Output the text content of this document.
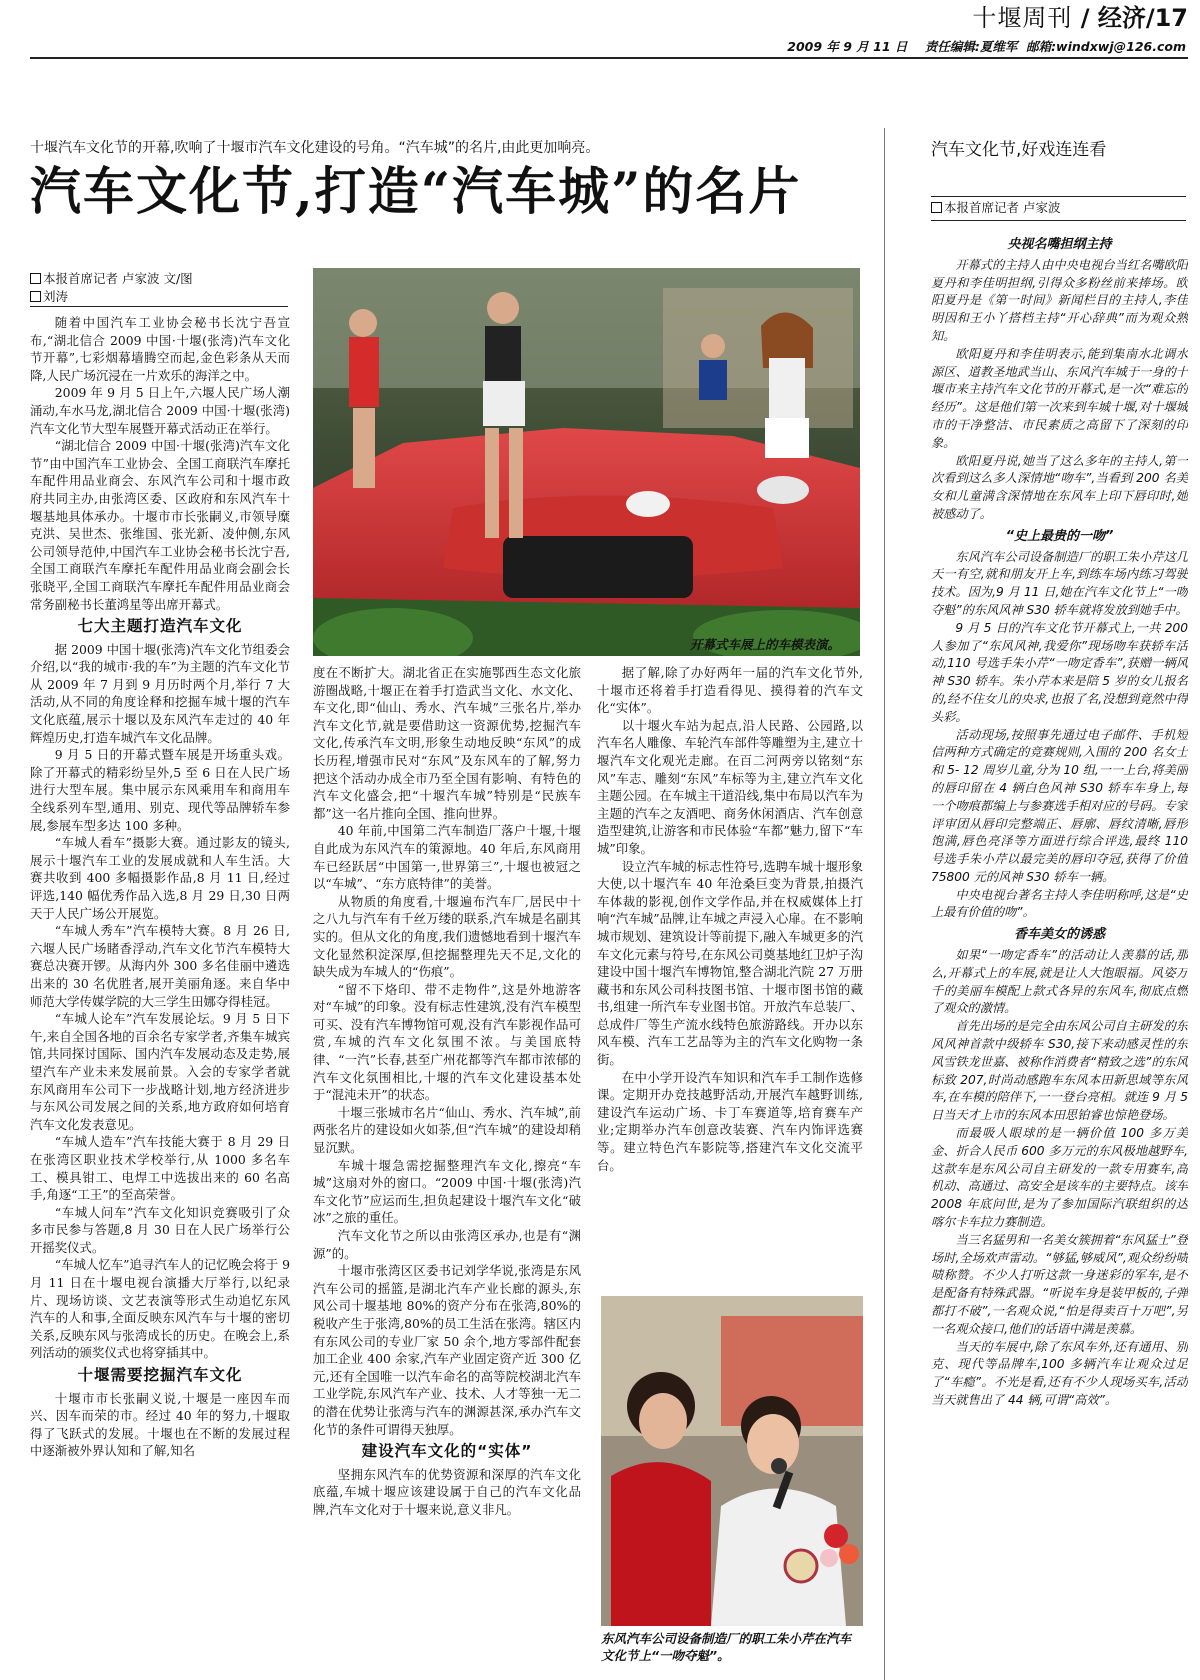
十堰周刊 / 经济/17
2009 年 9 月 11 日 责任编辑:夏维军 邮箱:windxwj@126.com
十堰汽车文化节的开幕,吹响了十堰市汽车文化建设的号角。“汽车城”的名片,由此更加响亮。
汽车文化节,打造“汽车城”的名片
本报首席记者 卢家波 文/图
刘涛

随着中国汽车工业协会秘书长沈宁吾宣布,“湖北信合 2009 中国·十堰(张湾)汽车文化节开幕”,七彩烟幕墙腾空而起,金色彩条从天而降,人民广场沉浸在一片欢乐的海洋之中。

2009 年 9 月 5 日上午,六堰人民广场人潮涌动,车水马龙,湖北信合 2009 中国·十堰(张湾)汽车文化节大型车展暨开幕式活动正在举行。

“湖北信合 2009 中国·十堰(张湾)汽车文化节”由中国汽车工业协会、全国工商联汽车摩托车配件用品业商会、东风汽车公司和十堰市政府共同主办,由张湾区委、区政府和东风汽车十堰基地具体承办。十堰市市长张嗣义,市领导糜克洪、吴世杰、张维国、张光新、凌仲侧,东风公司领导范仲,中国汽车工业协会秘书长沈宁吾,全国工商联汽车摩托车配件用品业商会副会长张晓平,全国工商联汽车摩托车配件用品业商会常务副秘书长董鸿星等出席开幕式。

七大主题打造汽车文化

据 2009 中国十堰(张湾)汽车文化节组委会介绍,以“我的城市·我的车”为主题的汽车文化节从 2009 年 7 月到 9 月历时两个月,举行 7 大活动,从不同的角度诠释和挖掘车城十堰的汽车文化底蕴,展示十堰以及东风汽车走过的 40 年辉煌历史,打造车城汽车文化品牌。

9 月 5 日的开幕式暨车展是开场重头戏。除了开幕式的精彩纷呈外,5 至 6 日在人民广场进行大型车展。集中展示东风乘用车和商用车全线系列车型,通用、别克、现代等品牌轿车参展,参展车型多达 100 多种。

“车城人看车”摄影大赛。通过影友的镜头,展示十堰汽车工业的发展成就和人车生活。大赛共收到 400 多幅摄影作品,8 月 11 日,经过评选,140 幅优秀作品入选,8 月 29 日,30 日两天于人民广场公开展览。

“车城人秀车”汽车模特大赛。8 月 26 日,六堰人民广场睹香浮动,汽车文化节汽车模特大赛总决赛开锣。从海内外 300 多名佳丽中遴选出来的 30 名优胜者,展开美丽角逐。来自华中师范大学传媒学院的大三学生田娜夺得桂冠。

“车城人论车”汽车发展论坛。9 月 5 日下午,来自全国各地的百余名专家学者,齐集车城宾馆,共同探讨国际、国内汽车发展动态及走势,展望汽车产业未来发展前景。入会的专家学者就东风商用车公司下一步战略计划,地方经济进步与东风公司发展之间的关系,地方政府如何培育汽车文化发表意见。

“车城人造车”汽车技能大赛于 8 月 29 日在张湾区职业技术学校举行,从 1000 多名车工、模具钳工、电焊工中选拔出来的 60 名高手,角逐“工王”的至高荣誉。

“车城人问车”汽车文化知识竞赛吸引了众多市民参与答题,8 月 30 日在人民广场举行公开摇奖仪式。

“车城人忆车”追寻汽车人的记忆晚会将于 9 月 11 日在十堰电视台演播大厅举行,以纪录片、现场访谈、文艺表演等形式生动追忆东风汽车的人和事,全面反映东风汽车与十堰的密切关系,反映东风与张湾成长的历史。在晚会上,系列活动的颁奖仪式也将穿插其中。

十堰需要挖掘汽车文化

十堰市市长张嗣义说,十堰是一座因车而兴、因车而荣的市。经过 40 年的努力,十堰取得了飞跃式的发展。十堰也在不断的发展过程中逐渐被外界认知和了解,知名

开幕式车展上的车模表演。

度在不断扩大。湖北省正在实施鄂西生态文化旅游圈战略,十堰正在着手打造武当文化、水文化、车文化,即“仙山、秀水、汽车城”三张名片,举办汽车文化节,就是要借助这一资源优势,挖掘汽车文化,传承汽车文明,形象生动地反映“东风”的成长历程,增强市民对“东风”及东风车的了解,努力把这个活动办成全市乃至全国有影响、有特色的汽车文化盛会,把“十堰汽车城”特别是“民族车都”这一名片推向全国、推向世界。

40 年前,中国第二汽车制造厂落户十堰,十堰自此成为东风汽车的策源地。40 年后,东风商用车已经跃居“中国第一,世界第三”,十堰也被冠之以“车城”、“东方底特律”的美誉。

从物质的角度看,十堰遍布汽车厂,居民中十之八九与汽车有千丝万缕的联系,汽车城是名副其实的。但从文化的角度,我们遗憾地看到十堰汽车文化显然积淀深厚,但挖掘整理先天不足,文化的缺失成为车城人的“伤痕”。

“留不下烙印、带不走物件”,这是外地游客对“车城”的印象。没有标志性建筑,没有汽车模型可买、没有汽车博物馆可观,没有汽车影视作品可赏,车城的汽车文化氛围不浓。与美国底特律、“一汽”长春,甚至广州花都等汽车都市浓郁的汽车文化氛围相比,十堰的汽车文化建设基本处于“混沌未开”的状态。

十堰三张城市名片“仙山、秀水、汽车城”,前两张名片的建设如火如荼,但“汽车城”的建设却稍显沉默。

车城十堰急需挖掘整理汽车文化,擦亮“车城”这扇对外的窗口。“2009 中国·十堰(张湾)汽车文化节”应运而生,担负起建设十堰汽车文化“破冰”之旅的重任。

汽车文化节之所以由张湾区承办,也是有“渊源”的。

十堰市张湾区区委书记刘学华说,张湾是东风汽车公司的摇篮,是湖北汽车产业长廊的源头,东风公司十堰基地 80%的资产分布在张湾,80%的税收产生于张湾,80%的员工生活在张湾。辖区内有东风公司的专业厂家 50 余个,地方零部件配套加工企业 400 余家,汽车产业固定资产近 300 亿元,还有全国唯一以汽车命名的高等院校湖北汽车工业学院,东风汽车产业、技术、人才等独一无二的潜在优势让张湾与汽车的渊源甚深,承办汽车文化节的条件可谓得天独厚。

建设汽车文化的“实体”

坚拥东风汽车的优势资源和深厚的汽车文化底蕴,车城十堰应该建设属于自己的汽车文化品牌,汽车文化对于十堰来说,意义非凡。

据了解,除了办好两年一届的汽车文化节外,十堰市还将着手打造看得见、摸得着的汽车文化“实体”。

以十堰火车站为起点,沿人民路、公园路,以汽车名人雕像、车轮汽车部件等雕塑为主,建立十堰汽车文化观光走廊。在百二河两旁以铭刻“东风”车志、雕刻“东风”车标等为主,建立汽车文化主题公园。在车城主干道沿线,集中布局以汽车为主题的汽车之友酒吧、商务休闲酒店、汽车创意造型建筑,让游客和市民体验“车都”魅力,留下“车城”印象。

设立汽车城的标志性符号,选聘车城十堰形象大使,以十堰汽车 40 年沧桑巨变为背景,拍摄汽车体裁的影视,创作文学作品,并在权威媒体上打响“汽车城”品牌,让车城之声浸入心扉。在不影响城市规划、建筑设计等前提下,融入车城更多的汽车文化元素与符号,在东风公司奠基地红卫炉子沟建设中国十堰汽车博物馆,整合湖北汽院 27 万册藏书和东风公司科技图书馆、十堰市图书馆的藏书,组建一所汽车专业图书馆。开放汽车总装厂、总成件厂等生产流水线特色旅游路线。开办以东风车模、汽车工艺品等为主的汽车文化购物一条街。

在中小学开设汽车知识和汽车手工制作选修课。定期开办竞技越野活动,开展汽车越野训练,建设汽车运动广场、卡丁车赛道等,培育赛车产业;定期举办汽车创意改装赛、汽车内饰评选赛等。建立特色汽车影院等,搭建汽车文化交流平台。

东风汽车公司设备制造厂的职工朱小芹在汽车文化节上“一吻夺魁”。
汽车文化节,好戏连连看
本报首席记者 卢家波
央视名嘴担纲主持

开幕式的主持人由中央电视台当红名嘴欧阳夏丹和李佳明担纲,引得众多粉丝前来捧场。欧阳夏丹是《第一时间》新闻栏目的主持人,李佳明因和王小丫搭档主持“开心辞典”而为观众熟知。

欧阳夏丹和李佳明表示,能到集南水北调水源区、道教圣地武当山、东风汽车城于一身的十堰市来主持汽车文化节的开幕式,是一次“难忘的经历”。这是他们第一次来到车城十堰,对十堰城市的干净整洁、市民素质之高留下了深刻的印象。

欧阳夏丹说,她当了这么多年的主持人,第一次看到这么多人深情地“吻车”,当看到 200 名美女和儿童满含深情地在东风车上印下唇印时,她被感动了。

“史上最贵的一吻”

东风汽车公司设备制造厂的职工朱小芹这几天一有空,就和朋友开上车,到练车场内练习驾驶技术。因为,9 月 11 日,她在汽车文化节上“一吻夺魁”的东风风神 S30 轿车就将发放到她手中。

9 月 5 日的汽车文化节开幕式上,一共 200 人参加了“东风风神,我爱你”现场吻车获轿车活动,110 号选手朱小芹“一吻定香车”,获赠一辆风神 S30 轿车。朱小芹本来是陪 5 岁的女儿报名的,经不住女儿的央求,也报了名,没想到竟然中得头彩。

活动现场,按照事先通过电子邮件、手机短信两种方式确定的竞赛规则,入围的 200 名女士和 5- 12 周岁儿童,分为 10 组,一一上台,将美丽的唇印留在 4 辆白色风神 S30 轿车车身上,每一个吻痕都编上与参赛选手相对应的号码。专家评审团从唇印完整端正、唇廓、唇纹清晰,唇形饱满,唇色亮泽等方面进行综合评选,最终 110 号选手朱小芹以最完美的唇印夺冠,获得了价值 75800 元的风神 S30 轿车一辆。

中央电视台著名主持人李佳明称呼,这是“史上最有价值的吻”。

香车美女的诱惑

如果“一吻定香车”的活动让人羡慕的话,那么,开幕式上的车展,就是让人大饱眼福。风姿万千的美丽车模配上款式各异的东风车,彻底点燃了观众的激情。

首先出场的是完全由东风公司自主研发的东风风神首款中级轿车 S30,接下来动感灵性的东风雪铁龙世嘉、被称作消费者“精致之选”的东风标致 207,时尚动感跑车东风本田新思域等东风车,在车模的陪伴下,一一登台亮相。就连 9 月 5 日当天才上市的东风本田思铂睿也惊艳登场。

而最吸人眼球的是一辆价值 100 多万美金、折合人民币 600 多万元的东风极地越野车,这款车是东风公司自主研发的一款专用赛车,高机动、高通过、高安全是该车的主要特点。该车 2008 年底问世,是为了参加国际汽联组织的达喀尔卡车拉力赛制造。

当三名猛男和一名美女簇拥着“东风猛士”登场时,全场欢声雷动。“够猛,够威风”,观众纷纷啧啧称赞。不少人打听这款一身迷彩的军车,是不是配备有特殊武器。“听说车身是装甲板的,子弹都打不破”,一名观众说,“怕是得卖百十万吧”,另一名观众接口,他们的话语中满是羡慕。

当天的车展中,除了东风车外,还有通用、别克、现代等品牌车,100 多辆汽车让观众过足了“车瘾”。不光是看,还有不少人现场买车,活动当天就售出了 44 辆,可谓“高效”。
